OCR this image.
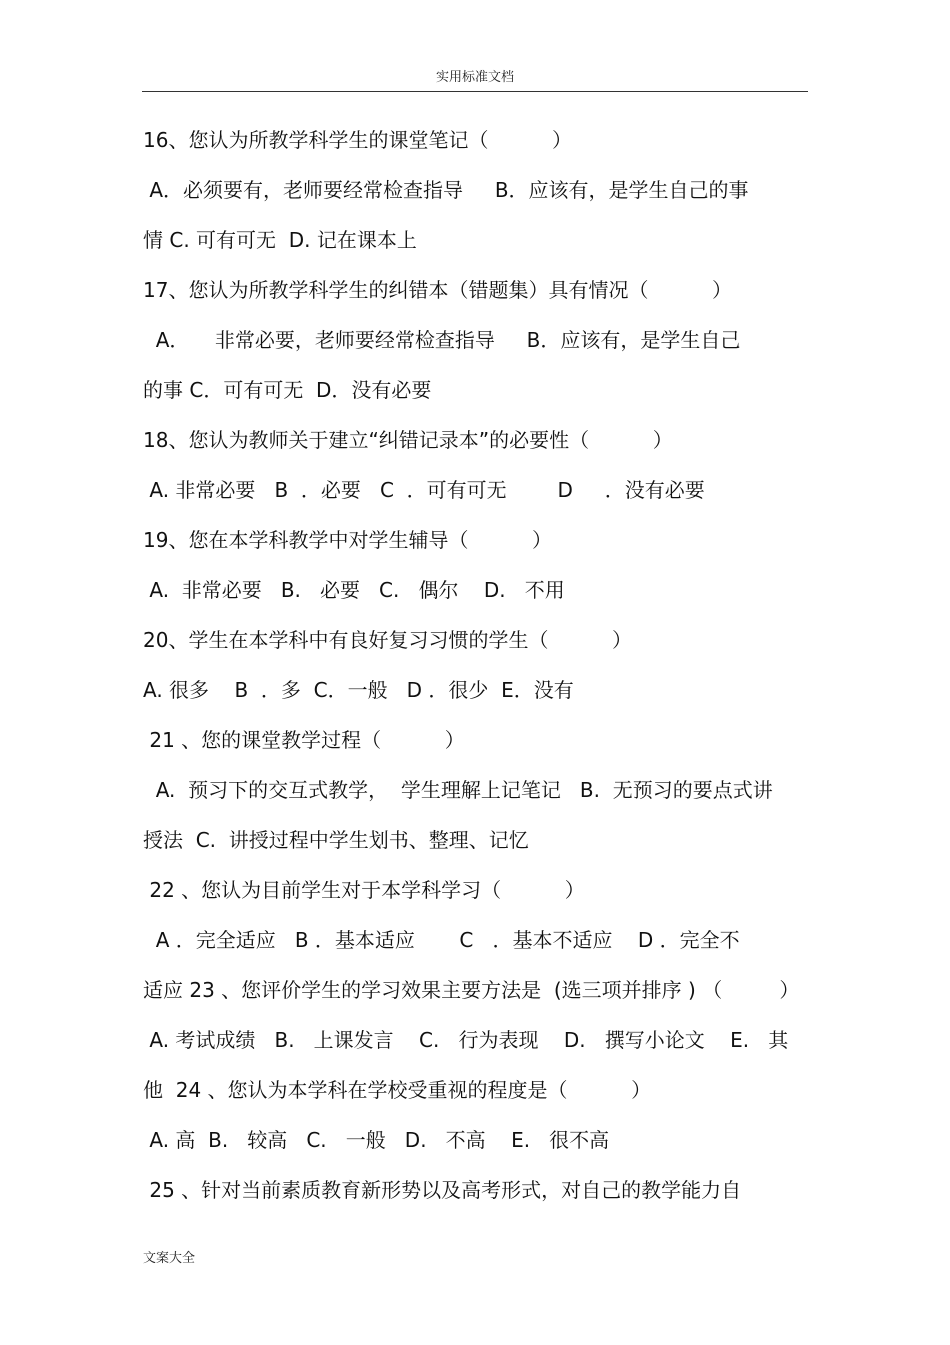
实用标准文档
16、您认为所教学科学生的课堂笔记（          ）
A．必须要有，老师要经常检查指导     B．应该有，是学生自己的事
情 C. 可有可无  D. 记在课本上
17、您认为所教学科学生的纠错本（错题集）具有情况（          ）
A．    非常必要，老师要经常检查指导     B．应该有，是学生自己
的事 C．可有可无  D．没有必要
18、您认为教师关于建立“纠错记录本”的必要性（          ）
A. 非常必要   B  ．必要   C  ．可有可无        D     ．没有必要
19、您在本学科教学中对学生辅导（          ）
A.  非常必要   B.   必要   C.   偶尔    D.   不用
20、学生在本学科中有良好复习习惯的学生（          ）
A. 很多    B  ．多  C．一般   D ．很少  E．没有
21 、您的课堂教学过程（          ）
A.  预习下的交互式教学，  学生理解上记笔记   B.  无预习的要点式讲
授法  C.  讲授过程中学生划书、整理、记忆
22 、您认为目前学生对于本学科学习（          ）
A ．完全适应   B ．基本适应       C   ．基本不适应    D ．完全不
适应 23 、您评价学生的学习效果主要方法是  (选三项并排序 ) （         ）
A. 考试成绩   B.   上课发言    C.   行为表现    D.   撰写小论文    E.   其
他  24 、您认为本学科在学校受重视的程度是（          ）
A. 高  B.   较高   C.   一般   D.   不高    E.   很不高
25 、针对当前素质教育新形势以及高考形式，对自己的教学能力自
文案大全
